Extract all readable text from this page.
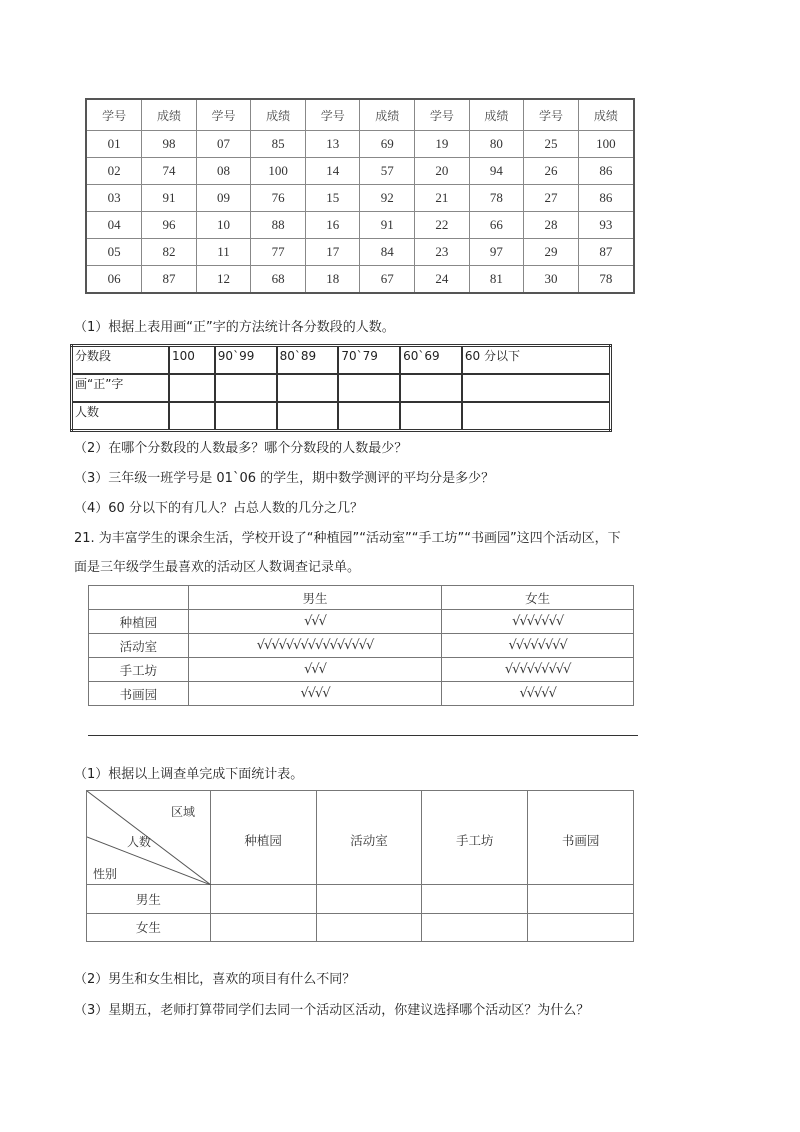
学号	成绩	学号	成绩	学号	成绩	学号	成绩	学号	成绩
01	98	07	85	13	69	19	80	25	100
02	74	08	100	14	57	20	94	26	86
03	91	09	76	15	92	21	78	27	86
04	96	10	88	16	91	22	66	28	93
05	82	11	77	17	84	23	97	29	87
06	87	12	68	18	67	24	81	30	78
（1）根据上表用画“正”字的方法统计各分数段的人数。
分数段	100	90`99	80`89	70`79	60`69	60 分以下
画“正”字						
人数						
（2）在哪个分数段的人数最多？哪个分数段的人数最少？
（3）三年级一班学号是 01`06 的学生，期中数学测评的平均分是多少？
（4）60 分以下的有几人？占总人数的几分之几？
21. 为丰富学生的课余生活，学校开设了“种植园”“活动室”“手工坊”“书画园”这四个活动区，下
面是三年级学生最喜欢的活动区人数调查记录单。
	男生	女生
种植园	√√√	√√√√√√√
活动室	√√√√√√√√√√√√√√√√	√√√√√√√√
手工坊	√√√	√√√√√√√√√
书画园	√√√√	√√√√√
（1）根据以上调查单完成下面统计表。
区域
人数
性别	种植园	活动室	手工坊	书画园
男生				
女生				
（2）男生和女生相比，喜欢的项目有什么不同？
（3）星期五，老师打算带同学们去同一个活动区活动，你建议选择哪个活动区？为什么？
